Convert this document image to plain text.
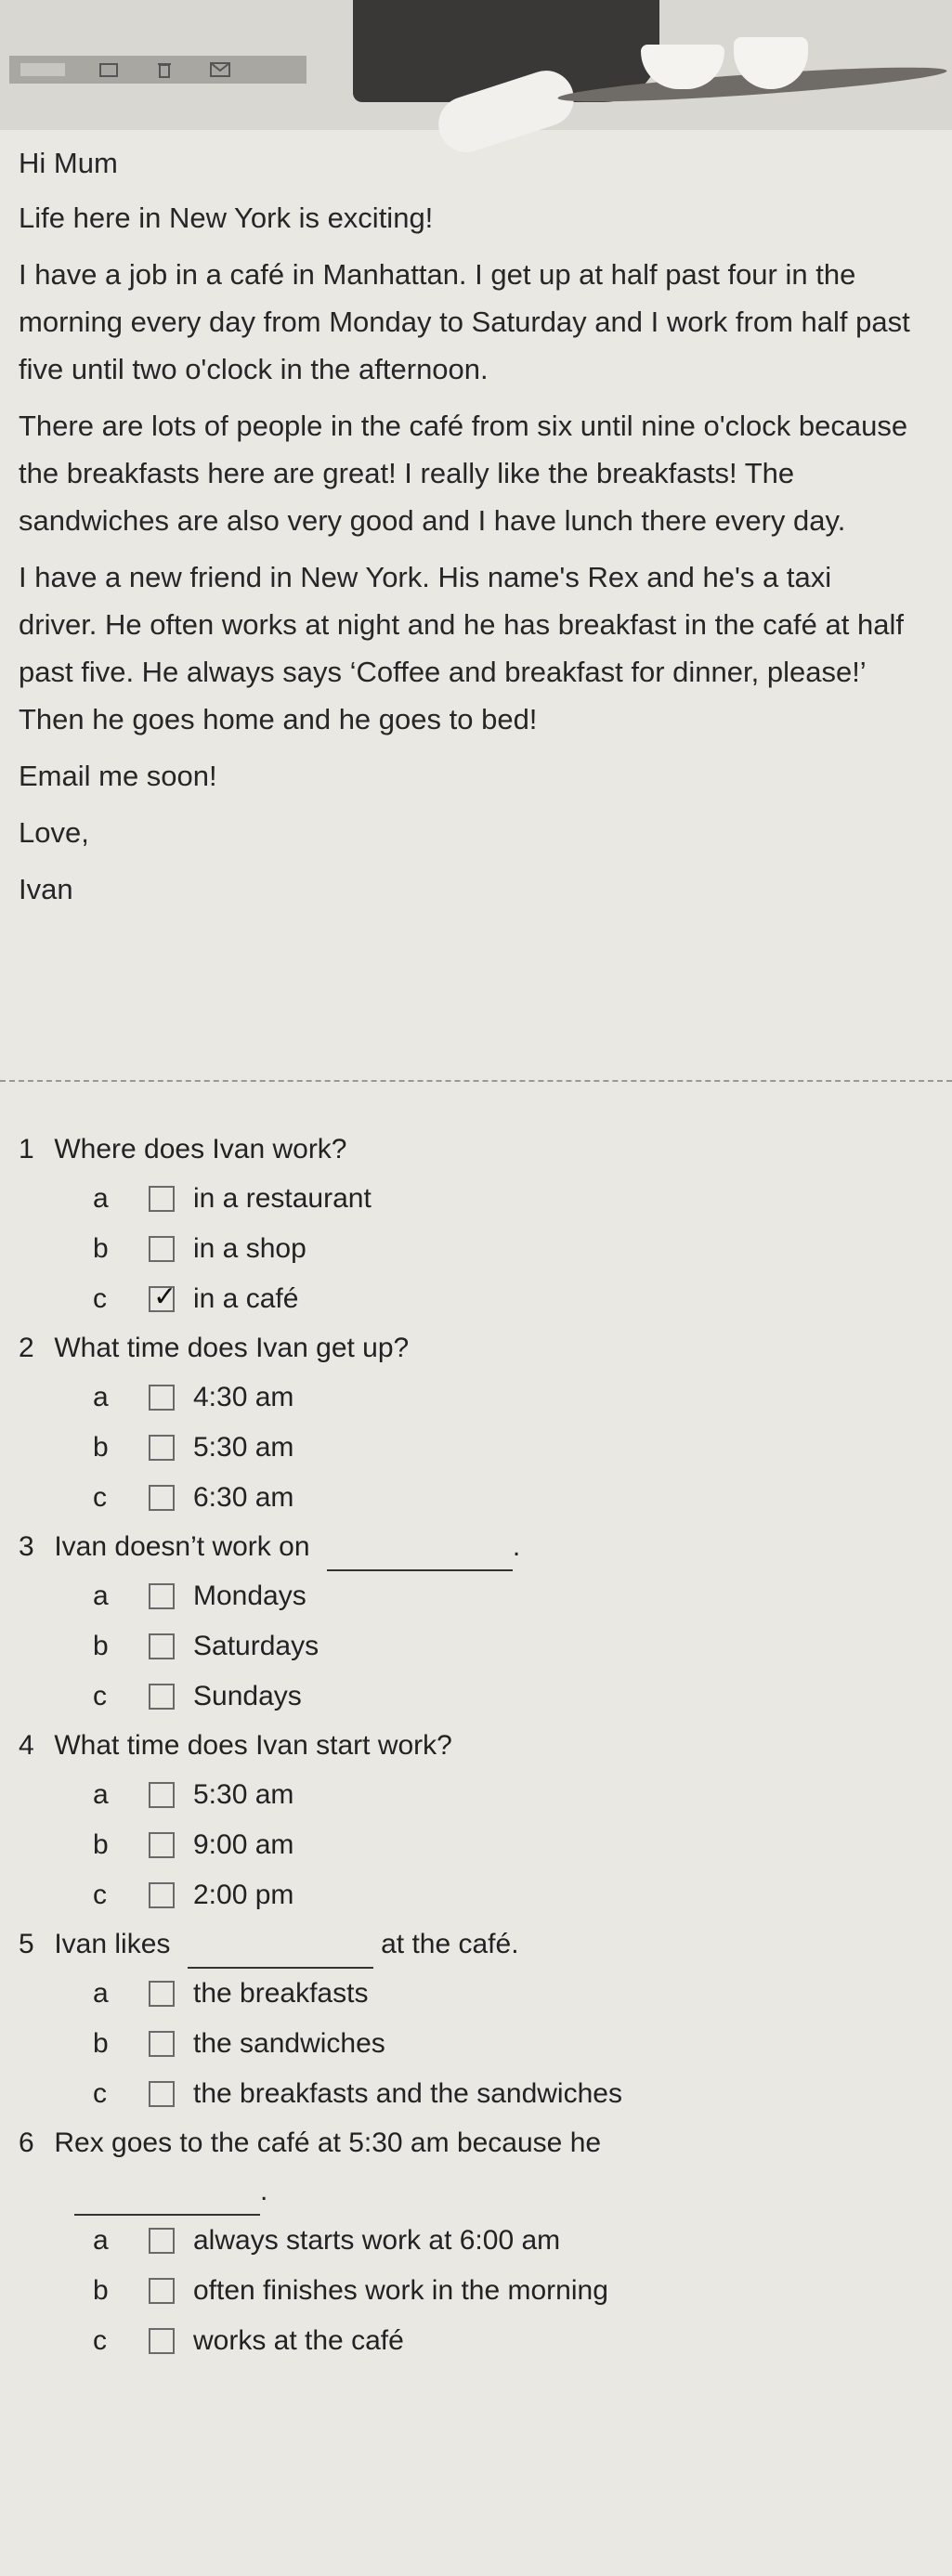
Hi Mum

Life here in New York is exciting!

I have a job in a café in Manhattan. I get up at half past four in the morning every day from Monday to Saturday and I work from half past five until two o'clock in the afternoon.

There are lots of people in the café from six until nine o'clock because the breakfasts here are great! I really like the breakfasts! The sandwiches are also very good and I have lunch there every day.

I have a new friend in New York. His name's Rex and he's a taxi driver. He often works at night and he has breakfast in the café at half past five. He always says ‘Coffee and breakfast for dinner, please!’ Then he goes home and he goes to bed!

Email me soon!

Love,

Ivan

1 Where does Ivan work?
a	in a restaurant
b	in a shop
c	✓ in a café
2 What time does Ivan get up?
a	4:30 am
b	5:30 am
c	6:30 am
3 Ivan doesn’t work on	.
a	Mondays
b	Saturdays
c	Sundays
4 What time does Ivan start work?
a	5:30 am
b	9:00 am
c	2:00 pm
5 Ivan likes	at the café.
a	the breakfasts
b	the sandwiches
c	the breakfasts and the sandwiches
6 Rex goes to the café at 5:30 am because he
.
a	always starts work at 6:00 am
b	often finishes work in the morning
c	works at the café
